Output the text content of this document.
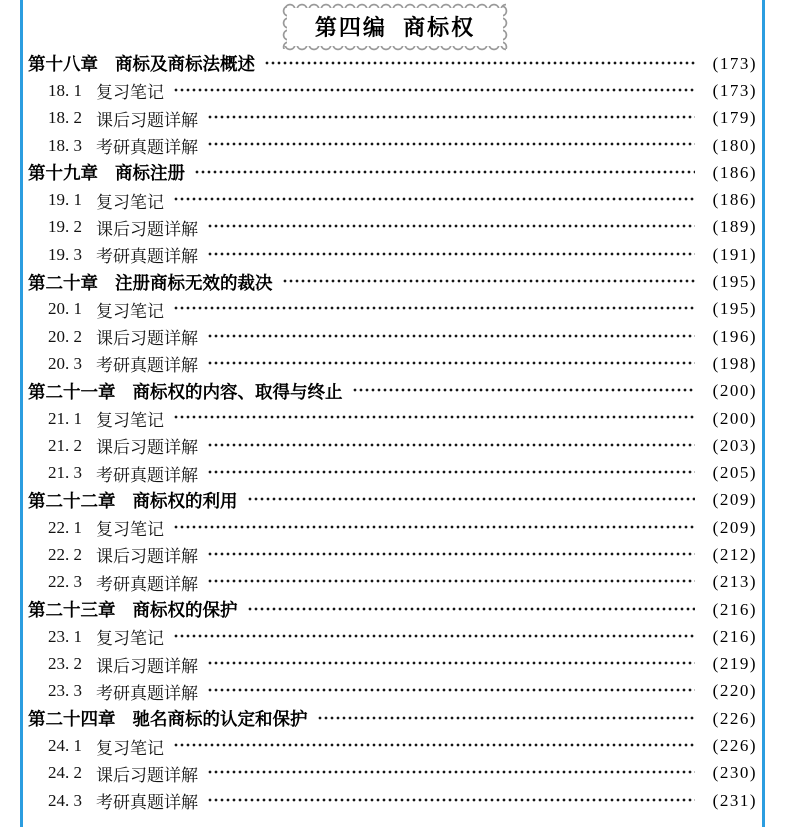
第四编  商标权
第十八章 商标及商标法概述	(173)
18. 1 复习笔记	(173)
18. 2 课后习题详解	(179)
18. 3 考研真题详解	(180)
第十九章 商标注册	(186)
19. 1 复习笔记	(186)
19. 2 课后习题详解	(189)
19. 3 考研真题详解	(191)
第二十章 注册商标无效的裁决	(195)
20. 1 复习笔记	(195)
20. 2 课后习题详解	(196)
20. 3 考研真题详解	(198)
第二十一章 商标权的内容、取得与终止	(200)
21. 1 复习笔记	(200)
21. 2 课后习题详解	(203)
21. 3 考研真题详解	(205)
第二十二章 商标权的利用	(209)
22. 1 复习笔记	(209)
22. 2 课后习题详解	(212)
22. 3 考研真题详解	(213)
第二十三章 商标权的保护	(216)
23. 1 复习笔记	(216)
23. 2 课后习题详解	(219)
23. 3 考研真题详解	(220)
第二十四章 驰名商标的认定和保护	(226)
24. 1 复习笔记	(226)
24. 2 课后习题详解	(230)
24. 3 考研真题详解	(231)
